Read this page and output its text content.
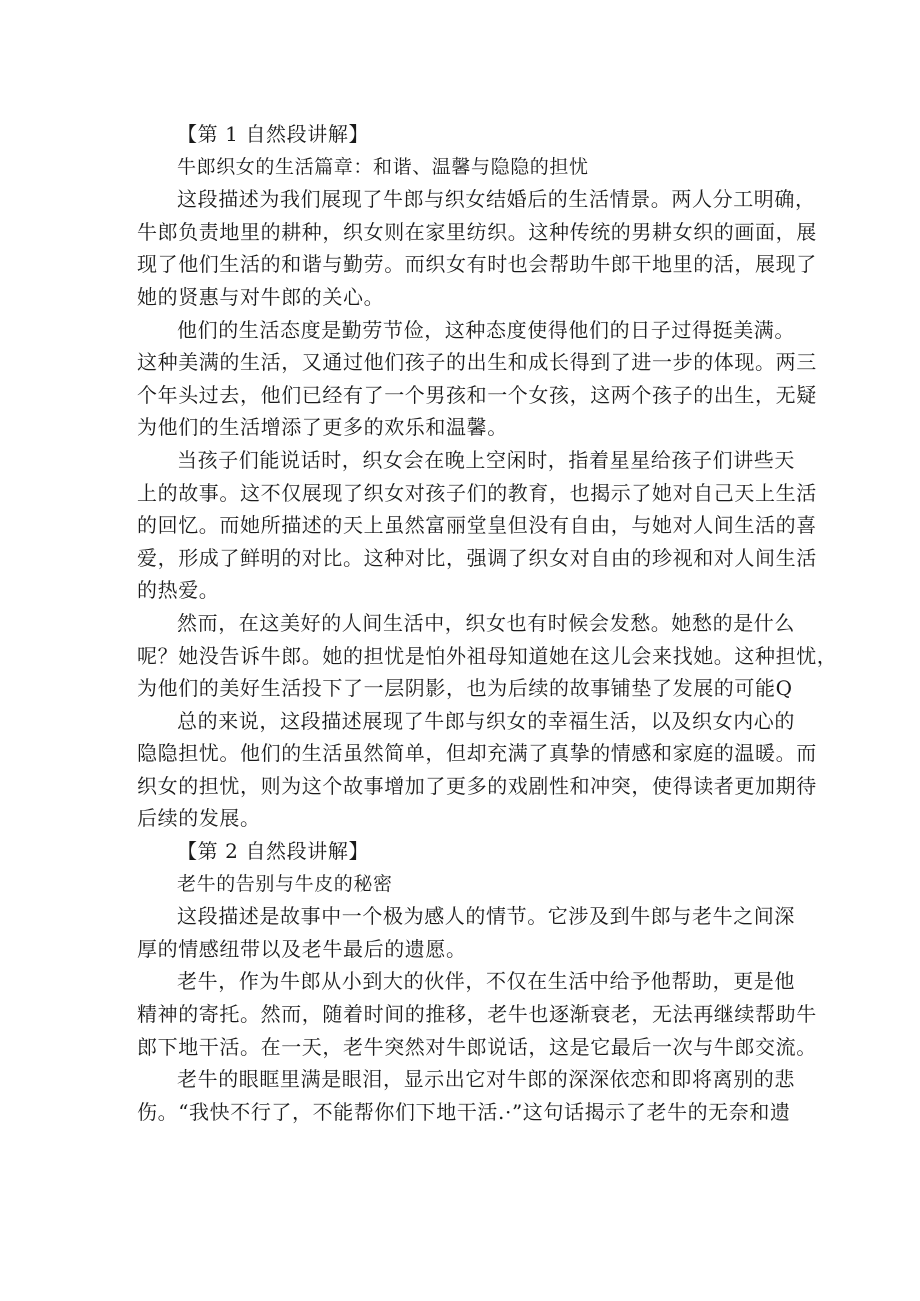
【第 1 自然段讲解】
牛郎织女的生活篇章：和谐、温馨与隐隐的担忧
这段描述为我们展现了牛郎与织女结婚后的生活情景。两人分工明确，
牛郎负责地里的耕种，织女则在家里纺织。这种传统的男耕女织的画面，展
现了他们生活的和谐与勤劳。而织女有时也会帮助牛郎干地里的活，展现了
她的贤惠与对牛郎的关心。
他们的生活态度是勤劳节俭，这种态度使得他们的日子过得挺美满。
这种美满的生活，又通过他们孩子的出生和成长得到了进一步的体现。两三
个年头过去，他们已经有了一个男孩和一个女孩，这两个孩子的出生，无疑
为他们的生活增添了更多的欢乐和温馨。
当孩子们能说话时，织女会在晚上空闲时，指着星星给孩子们讲些天
上的故事。这不仅展现了织女对孩子们的教育，也揭示了她对自己天上生活
的回忆。而她所描述的天上虽然富丽堂皇但没有自由，与她对人间生活的喜
爱，形成了鲜明的对比。这种对比，强调了织女对自由的珍视和对人间生活
的热爱。
然而，在这美好的人间生活中，织女也有时候会发愁。她愁的是什么
呢？她没告诉牛郎。她的担忧是怕外祖母知道她在这儿会来找她。这种担忧，
为他们的美好生活投下了一层阴影，也为后续的故事铺垫了发展的可能Q
总的来说，这段描述展现了牛郎与织女的幸福生活，以及织女内心的
隐隐担忧。他们的生活虽然简单，但却充满了真挚的情感和家庭的温暖。而
织女的担忧，则为这个故事增加了更多的戏剧性和冲突，使得读者更加期待
后续的发展。
【第 2 自然段讲解】
老牛的告别与牛皮的秘密
这段描述是故事中一个极为感人的情节。它涉及到牛郎与老牛之间深
厚的情感纽带以及老牛最后的遗愿。
老牛，作为牛郎从小到大的伙伴，不仅在生活中给予他帮助，更是他
精神的寄托。然而，随着时间的推移，老牛也逐渐衰老，无法再继续帮助牛
郎下地干活。在一天，老牛突然对牛郎说话，这是它最后一次与牛郎交流。
老牛的眼眶里满是眼泪，显示出它对牛郎的深深依恋和即将离别的悲
伤。“我快不行了，不能帮你们下地干活.·”这句话揭示了老牛的无奈和遗
